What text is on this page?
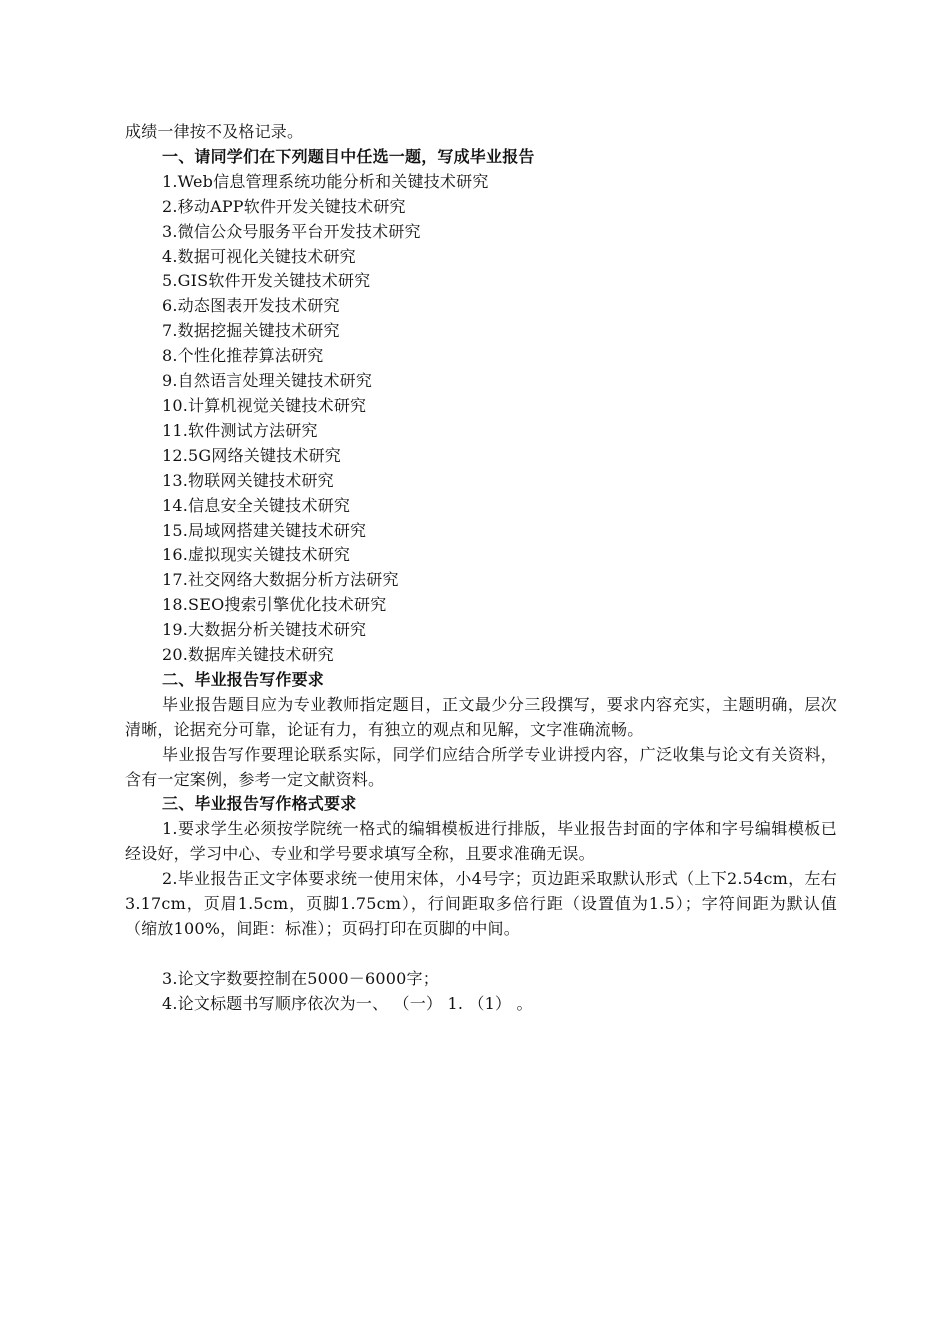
成绩一律按不及格记录。
一、请同学们在下列题目中任选一题，写成毕业报告
1.Web信息管理系统功能分析和关键技术研究
2.移动APP软件开发关键技术研究
3.微信公众号服务平台开发技术研究
4.数据可视化关键技术研究
5.GIS软件开发关键技术研究
6.动态图表开发技术研究
7.数据挖掘关键技术研究
8.个性化推荐算法研究
9.自然语言处理关键技术研究
10.计算机视觉关键技术研究
11.软件测试方法研究
12.5G网络关键技术研究
13.物联网关键技术研究
14.信息安全关键技术研究
15.局域网搭建关键技术研究
16.虚拟现实关键技术研究
17.社交网络大数据分析方法研究
18.SEO搜索引擎优化技术研究
19.大数据分析关键技术研究
20.数据库关键技术研究
二、毕业报告写作要求
毕业报告题目应为专业教师指定题目，正文最少分三段撰写，要求内容充实，主题明确，层次清晰，论据充分可靠，论证有力，有独立的观点和见解，文字准确流畅。
毕业报告写作要理论联系实际，同学们应结合所学专业讲授内容，广泛收集与论文有关资料，含有一定案例，参考一定文献资料。
三、毕业报告写作格式要求
1.要求学生必须按学院统一格式的编辑模板进行排版，毕业报告封面的字体和字号编辑模板已经设好，学习中心、专业和学号要求填写全称，且要求准确无误。
2.毕业报告正文字体要求统一使用宋体，小4号字；页边距采取默认形式（上下2.54cm，左右3.17cm，页眉1.5cm，页脚1.75cm），行间距取多倍行距（设置值为1.5）；字符间距为默认值（缩放100%，间距：标准）；页码打印在页脚的中间。
3.论文字数要控制在5000－6000字；
4.论文标题书写顺序依次为一、 （一） 1. （1） 。
